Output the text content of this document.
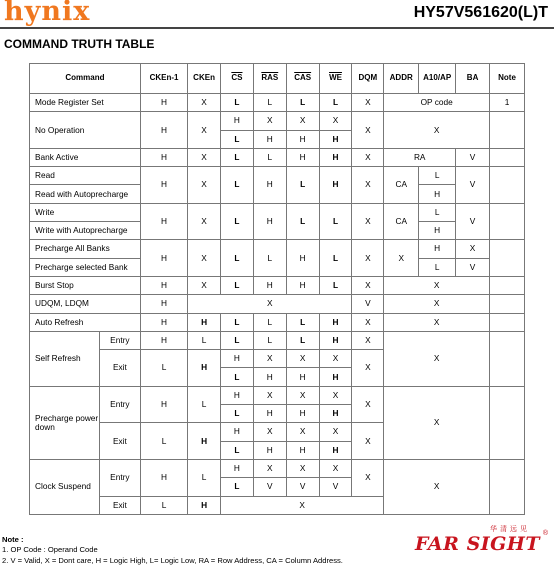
hynix	HY57V561620(L)T
COMMAND TRUTH TABLE
Command		CKEn-1	CKEn	$\overline{CS}$	$\overline{RAS}$	$\overline{CAS}$	$\overline{WE}$	DQM	ADDR	A10/AP	BA	Note
Mode Register Set		H	X	L	L	L	L	X	OP code			1
No Operation		H	X	H	X	X	X	X	X			
				L	H	H	H					
Bank Active		H	X	L	L	H	H	X	RA		V	
Read		H	X	L	H	L	H	X	CA	L	V	
Read with Autoprecharge										H		
Write		H	X	L	H	L	L	X	CA	L	V	
Write with Autoprecharge										H		
Precharge All Banks		H	X	L	L	H	L	X	X	H	X	
Precharge selected Bank										L	V	
Burst Stop		H	X	L	H	H	L	X	X			
UDQM, LDQM		H	X					V	X			
Auto Refresh		H	H	L	L	L	H	X	X			
Self Refresh	Entry	H	L	L	L	L	H	X	X			
	Exit	L	H	H	X	X	X	X				
				L	H	H	H					
Precharge power down	Entry	H	L	H	X	X	X	X	X			
				L	H	H	H					
	Exit	L	H	H	X	X	X	X				
				L	H	H	H					
Clock Suspend	Entry	H	L	H	X	X	X	X	X			
				L	V	V	V					
	Exit	L	H	X								
Note :
1. OP Code : Operand Code
2. V = Valid, X = Dont care, H = Logic High, L= Logic Low, RA = Row Address, CA = Column Address.
华清远见
FAR SIGHT ®
